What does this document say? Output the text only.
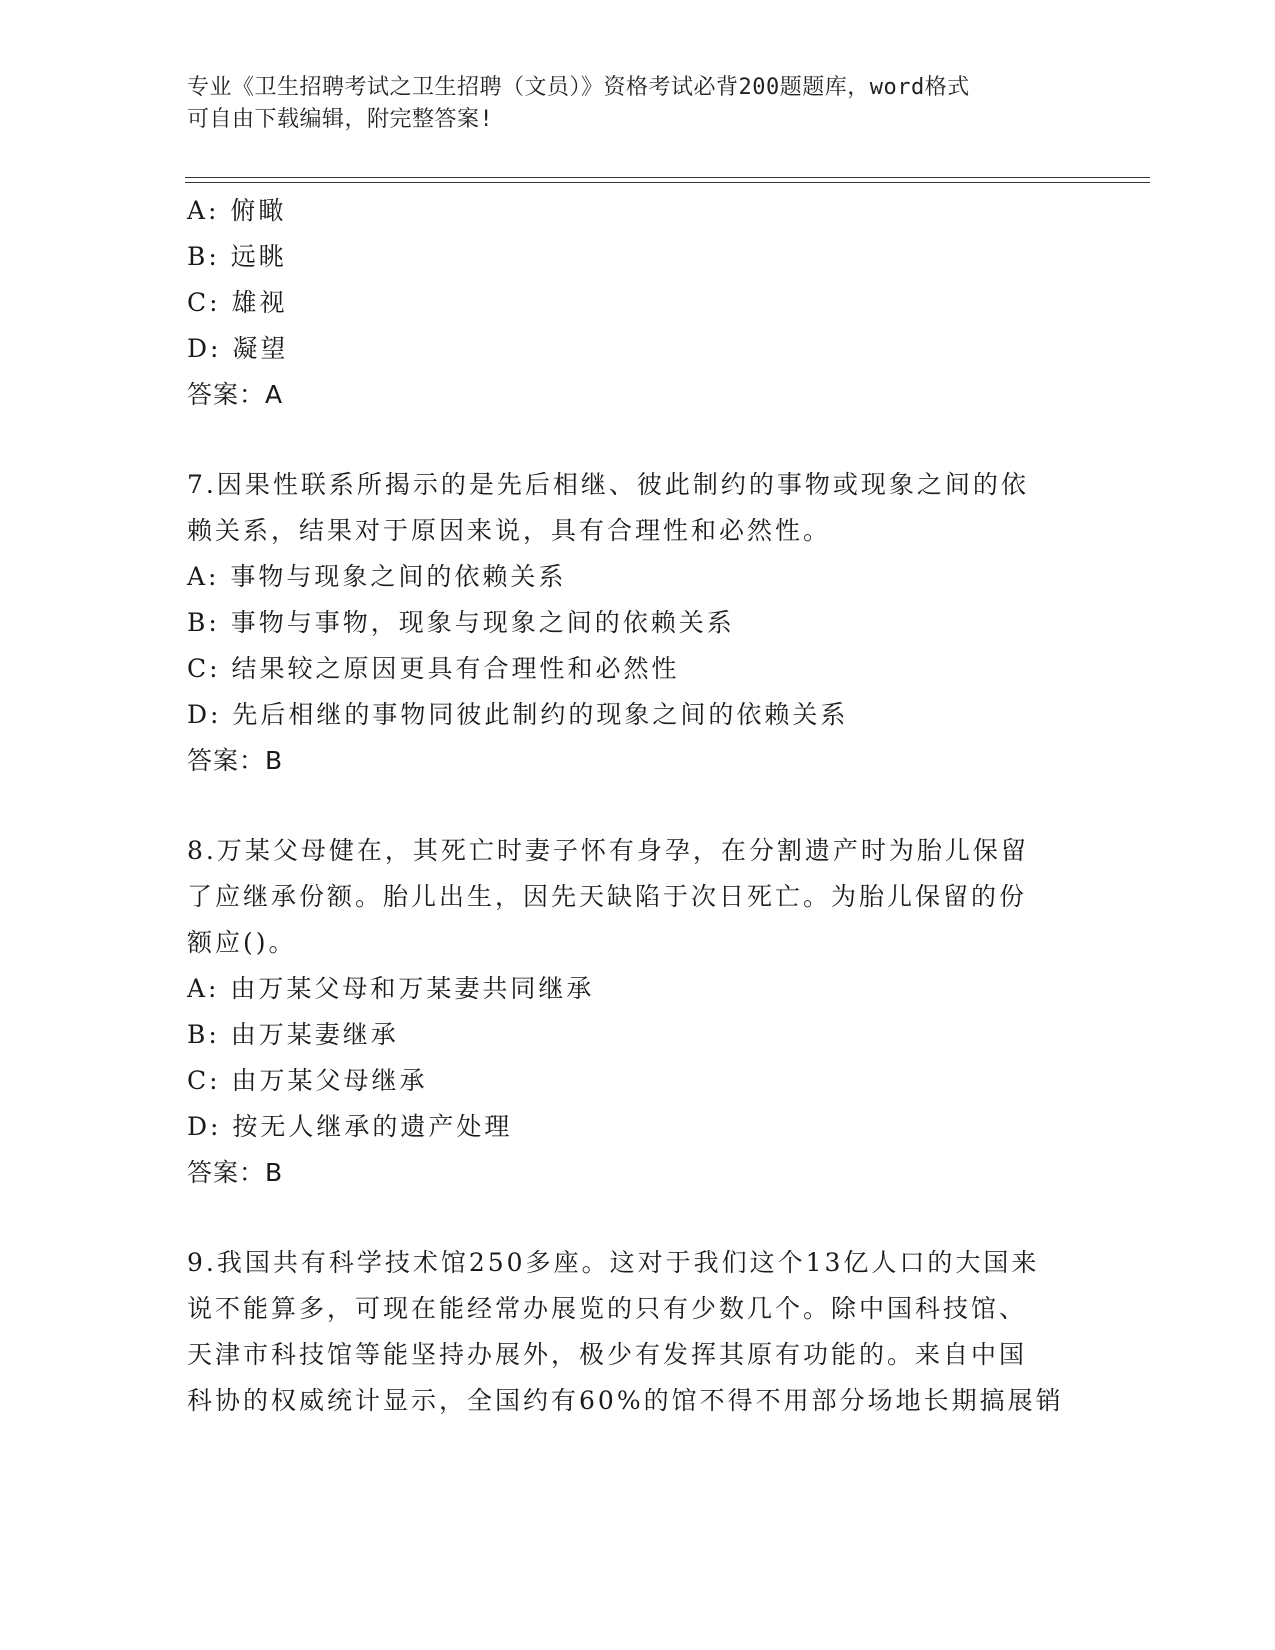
专业《卫生招聘考试之卫生招聘（文员）》资格考试必背200题题库，word格式
可自由下载编辑，附完整答案!
A: 俯瞰
B: 远眺
C: 雄视
D: 凝望
答案：A
7.因果性联系所揭示的是先后相继、彼此制约的事物或现象之间的依
赖关系，结果对于原因来说，具有合理性和必然性。
A: 事物与现象之间的依赖关系
B: 事物与事物，现象与现象之间的依赖关系
C: 结果较之原因更具有合理性和必然性
D: 先后相继的事物同彼此制约的现象之间的依赖关系
答案：B
8.万某父母健在，其死亡时妻子怀有身孕，在分割遗产时为胎儿保留
了应继承份额。胎儿出生，因先天缺陷于次日死亡。为胎儿保留的份
额应()。
A: 由万某父母和万某妻共同继承
B: 由万某妻继承
C: 由万某父母继承
D: 按无人继承的遗产处理
答案：B
9.我国共有科学技术馆250多座。这对于我们这个13亿人口的大国来
说不能算多，可现在能经常办展览的只有少数几个。除中国科技馆、
天津市科技馆等能坚持办展外，极少有发挥其原有功能的。来自中国
科协的权威统计显示，全国约有60%的馆不得不用部分场地长期搞展销
